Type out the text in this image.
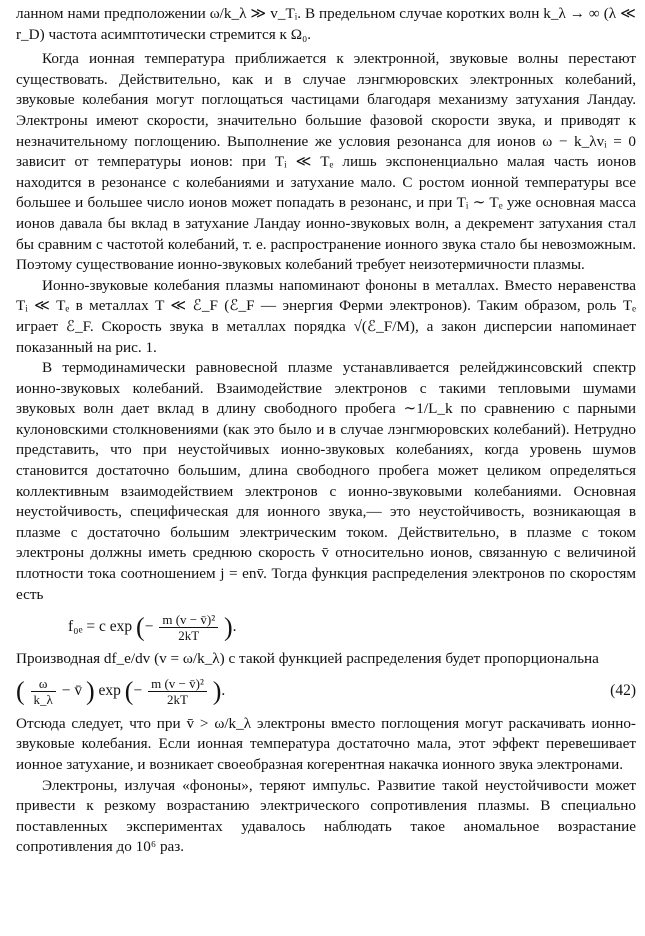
ланном нами предположении ω/k_λ ≫ v_Tᵢ. В предельном случае коротких волн k_λ → ∞ (λ ≪ r_D) частота асимптотически стремится к Ω₀.

Когда ионная температура приближается к электронной, звуковые волны перестают существовать. Действительно, как и в случае лэнгмюровских электронных колебаний, звуковые колебания могут поглощаться частицами благодаря механизму затухания Ландау. Электроны имеют скорости, значительно большие фазовой скорости звука, и приводят к незначительному поглощению. Выполнение же условия резонанса для ионов ω − k_λvᵢ = 0 зависит от температуры ионов: при Tᵢ ≪ Tₑ лишь экспоненциально малая часть ионов находится в резонансе с колебаниями и затухание мало. С ростом ионной температуры все большее и большее число ионов может попадать в резонанс, и при Tᵢ ∼ Tₑ уже основная масса ионов давала бы вклад в затухание Ландау ионно-звуковых волн, а декремент затухания стал бы сравним с частотой колебаний, т. е. распространение ионного звука стало бы невозможным. Поэтому существование ионно-звуковых колебаний требует неизотермичности плазмы.

Ионно-звуковые колебания плазмы напоминают фононы в металлах. Вместо неравенства Tᵢ ≪ Tₑ в металлах T ≪ ℰ_F (ℰ_F — энергия Ферми электронов). Таким образом, роль Tₑ играет ℰ_F. Скорость звука в металлах порядка √(ℰ_F/M), а закон дисперсии напоминает показанный на рис. 1.

В термодинамически равновесной плазме устанавливается релейджинсовский спектр ионно-звуковых колебаний. Взаимодействие электронов с такими тепловыми шумами звуковых волн дает вклад в длину свободного пробега ∼1/L_k по сравнению с парными кулоновскими столкновениями (как это было и в случае лэнгмюровских колебаний). Нетрудно представить, что при неустойчивых ионно-звуковых колебаниях, когда уровень шумов становится достаточно большим, длина свободного пробега может целиком определяться коллективным взаимодействием электронов с ионно-звуковыми колебаниями. Основная неустойчивость, специфическая для ионного звука,— это неустойчивость, возникающая в плазме с достаточно большим электрическим током. Действительно, в плазме с током электроны должны иметь среднюю скорость v̄ относительно ионов, связанную с величиной плотности тока соотношением j = env̄. Тогда функция распределения электронов по скоростям есть

f₀ₑ = c exp (− $\frac{\text{m (v − v̄)²}}{2kT}$ ).

Производная df_e/dv (v = ω/k_λ) с такой функцией распределения будет пропорциональна

( $\frac{\omega}{k\_\lambda}$ − v̄ ) exp (− $\frac{\text{m (v − v̄)²}}{2kT}$ ).	(42)

Отсюда следует, что при v̄ > ω/k_λ электроны вместо поглощения могут раскачивать ионно-звуковые колебания. Если ионная температура достаточно мала, этот эффект перевешивает ионное затухание, и возникает своеобразная когерентная накачка ионного звука электронами.

Электроны, излучая «фононы», теряют импульс. Развитие такой неустойчивости может привести к резкому возрастанию электрического сопротивления плазмы. В специально поставленных экспериментах удавалось наблюдать такое аномальное возрастание сопротивления до 10⁶ раз.
